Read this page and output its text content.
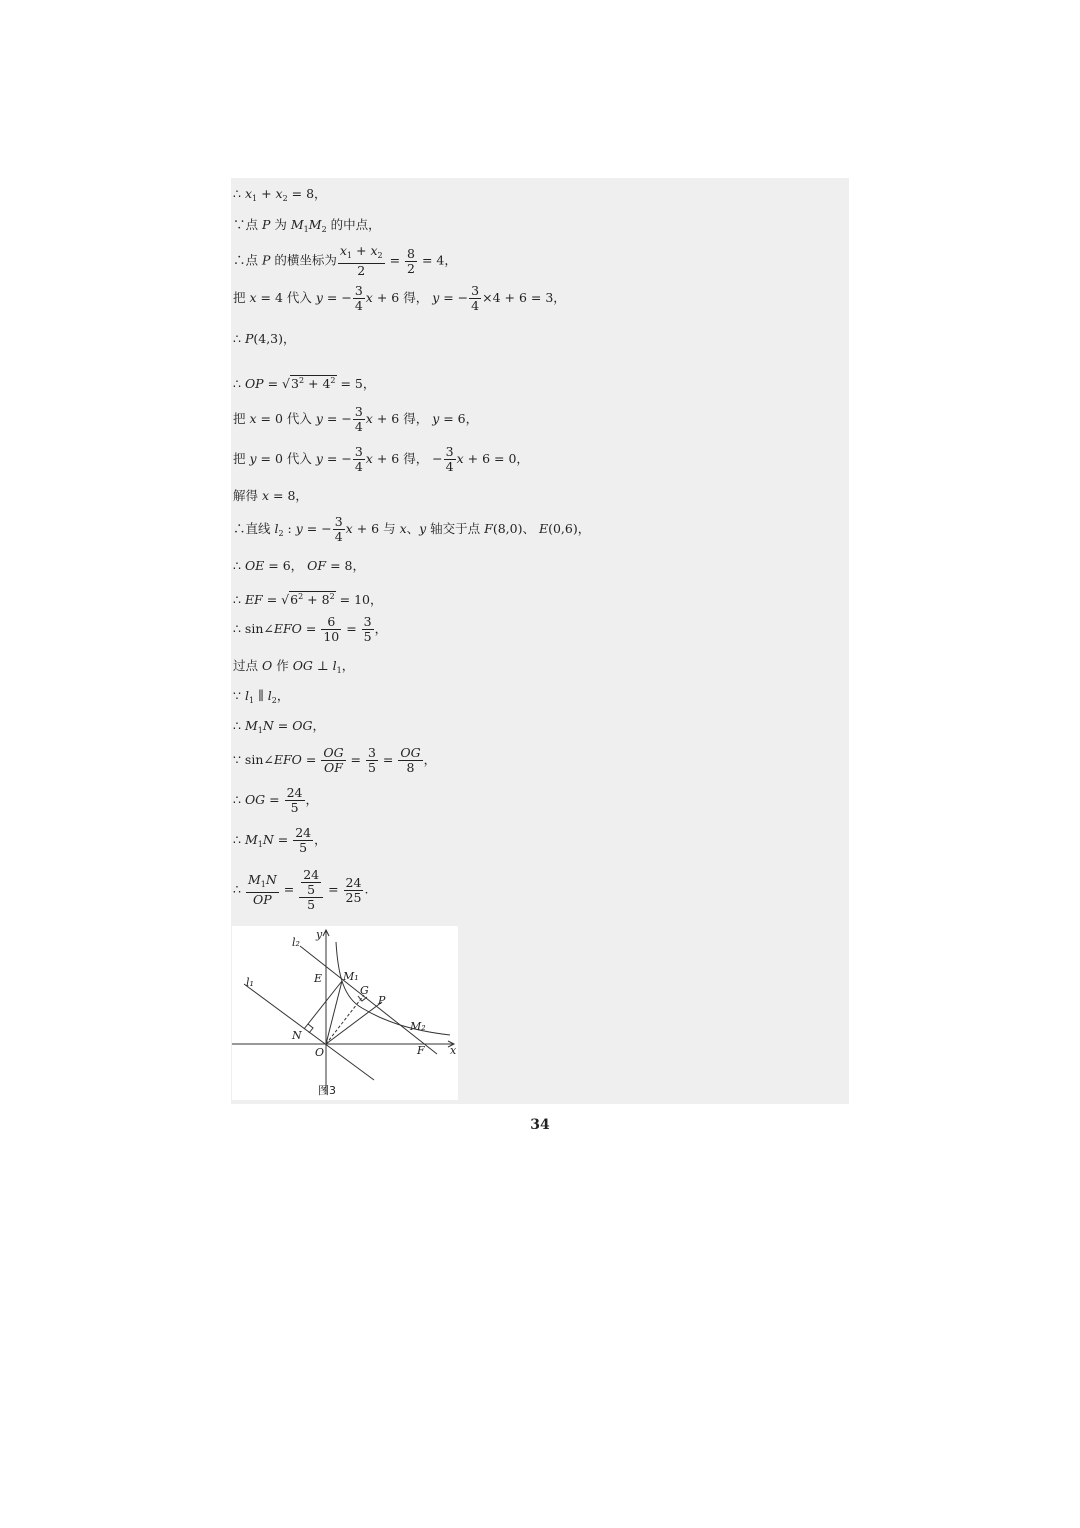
∴ $x_1 + x_2 = 8$，
∵点 P 为 $M_1M_2$ 的中点，
∴点 P 的横坐标为 $\frac{x_1 + x_2}{2} = \frac{8}{2} = 4$，
把 x = 4 代入 y = − $\frac{3}{4}$ x + 6 得， y = − $\frac{3}{4} \times 4 + 6 = 3$，
∴ P(4,3)，
∴ OP = $√3^2 + 4^2 = 5$，
把 x = 0 代入 y = − $\frac{3}{4}$ x + 6 得， y = 6，
把 y = 0 代入 y = − $\frac{3}{4}$ x + 6 得， − $\frac{3}{4}$ x + 6 = 0，
解得 x = 8，
∴直线 $l_2$ : y = − $\frac{3}{4}$ x + 6 与 x、y 轴交于点 F(8,0)、 E(0,6)，
∴ OE = 6， OF = 8，
∴ EF = $√6^2 + 8^2 = 10$，
∴ sin∠EFO = $\frac{6}{10} = \frac{3}{5}$ ，
过点 O 作 OG ⊥ $l_1$，
∵ $l_1$ ∥ $l_2$，
∴ $M_1N$ = OG，
∵ sin∠EFO = $\frac{OG}{OF} = \frac{3}{5} = \frac{OG}{8}$ ，
∴ OG = $\frac{24}{5}$ ，
∴ $M_1N = \frac{24}{5}$ ，
∴ $\frac{M_1N}{OP} = \frac{\frac{24}{5}}{5} = \frac{24}{25}$ .
y
x
l₂
l₁	E M₁
G
P
M₂
N
O	F
图3
34
